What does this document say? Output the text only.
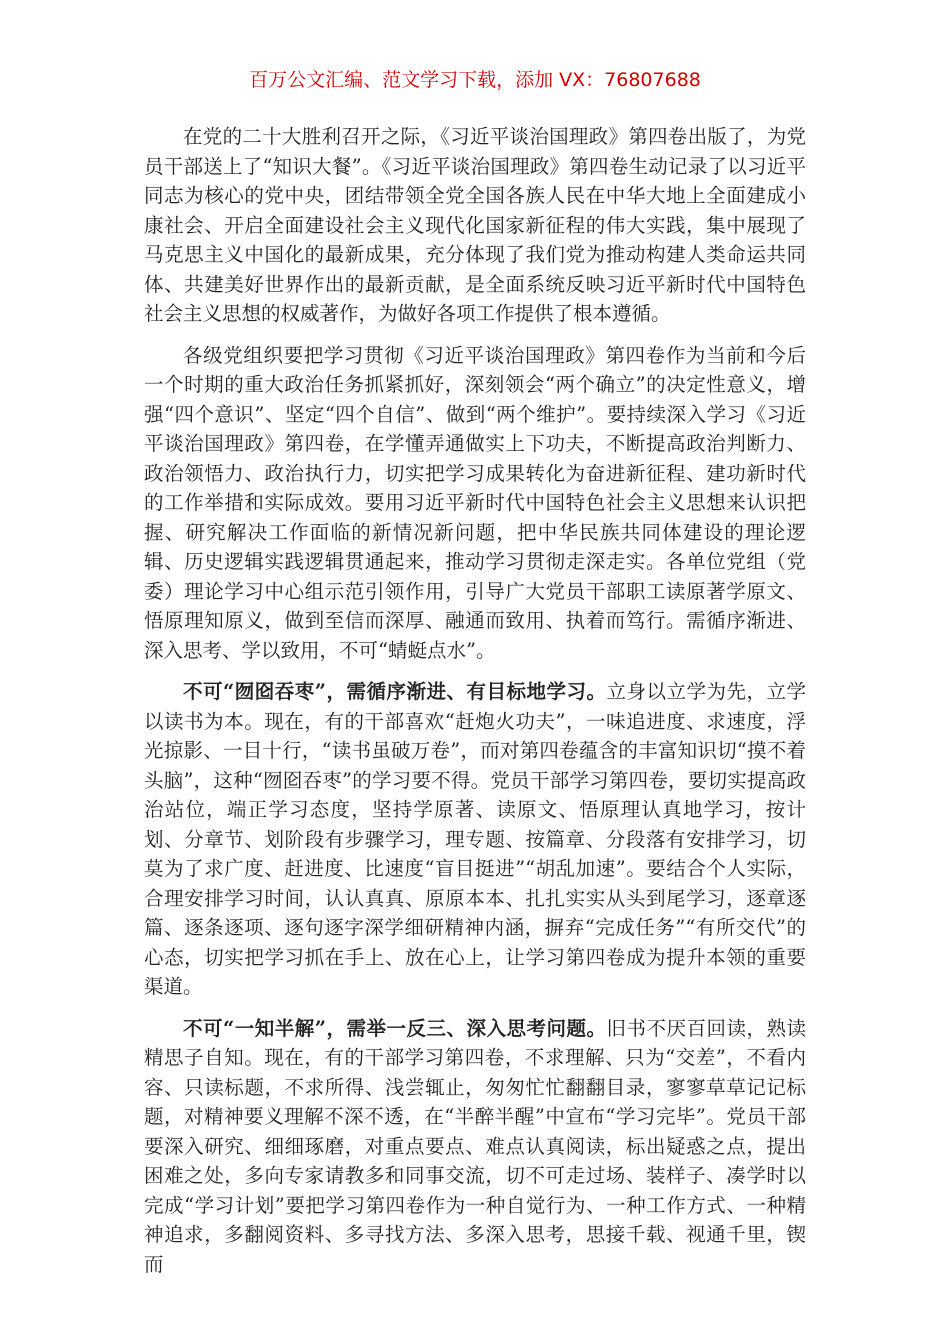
百万公文汇编、范文学习下载，添加 VX：76807688

在党的二十大胜利召开之际，《习近平谈治国理政》第四卷出版了，为党员干部送上了“知识大餐”。《习近平谈治国理政》第四卷生动记录了以习近平同志为核心的党中央，团结带领全党全国各族人民在中华大地上全面建成小康社会、开启全面建设社会主义现代化国家新征程的伟大实践，集中展现了马克思主义中国化的最新成果，充分体现了我们党为推动构建人类命运共同体、共建美好世界作出的最新贡献，是全面系统反映习近平新时代中国特色社会主义思想的权威著作，为做好各项工作提供了根本遵循。

各级党组织要把学习贯彻《习近平谈治国理政》第四卷作为当前和今后一个时期的重大政治任务抓紧抓好，深刻领会“两个确立”的决定性意义，增强“四个意识”、坚定“四个自信”、做到“两个维护”。要持续深入学习《习近平谈治国理政》第四卷，在学懂弄通做实上下功夫，不断提高政治判断力、政治领悟力、政治执行力，切实把学习成果转化为奋进新征程、建功新时代的工作举措和实际成效。要用习近平新时代中国特色社会主义思想来认识把握、研究解决工作面临的新情况新问题，把中华民族共同体建设的理论逻辑、历史逻辑实践逻辑贯通起来，推动学习贯彻走深走实。各单位党组（党委）理论学习中心组示范引领作用，引导广大党员干部职工读原著学原文、悟原理知原义，做到至信而深厚、融通而致用、执着而笃行。需循序渐进、深入思考、学以致用，不可“蜻蜓点水”。

不可“囫囵吞枣”，需循序渐进、有目标地学习。立身以立学为先，立学以读书为本。现在，有的干部喜欢“赶炮火功夫”，一味追进度、求速度，浮光掠影、一目十行，“读书虽破万卷”，而对第四卷蕴含的丰富知识切“摸不着头脑”，这种“囫囵吞枣”的学习要不得。党员干部学习第四卷，要切实提高政治站位，端正学习态度，坚持学原著、读原文、悟原理认真地学习，按计划、分章节、划阶段有步骤学习，理专题、按篇章、分段落有安排学习，切莫为了求广度、赶进度、比速度“盲目挺进”“胡乱加速”。要结合个人实际，合理安排学习时间，认认真真、原原本本、扎扎实实从头到尾学习，逐章逐篇、逐条逐项、逐句逐字深学细研精神内涵，摒弃“完成任务”“有所交代”的心态，切实把学习抓在手上、放在心上，让学习第四卷成为提升本领的重要渠道。

不可“一知半解”，需举一反三、深入思考问题。旧书不厌百回读，熟读精思子自知。现在，有的干部学习第四卷，不求理解、只为“交差”，不看内容、只读标题，不求所得、浅尝辄止，匆匆忙忙翻翻目录，寥寥草草记记标题，对精神要义理解不深不透，在“半醉半醒”中宣布“学习完毕”。党员干部要深入研究、细细琢磨，对重点要点、难点认真阅读，标出疑惑之点，提出困难之处，多向专家请教多和同事交流，切不可走过场、装样子、凑学时以完成“学习计划”要把学习第四卷作为一种自觉行为、一种工作方式、一种精神追求，多翻阅资料、多寻找方法、多深入思考，思接千载、视通千里，锲而
